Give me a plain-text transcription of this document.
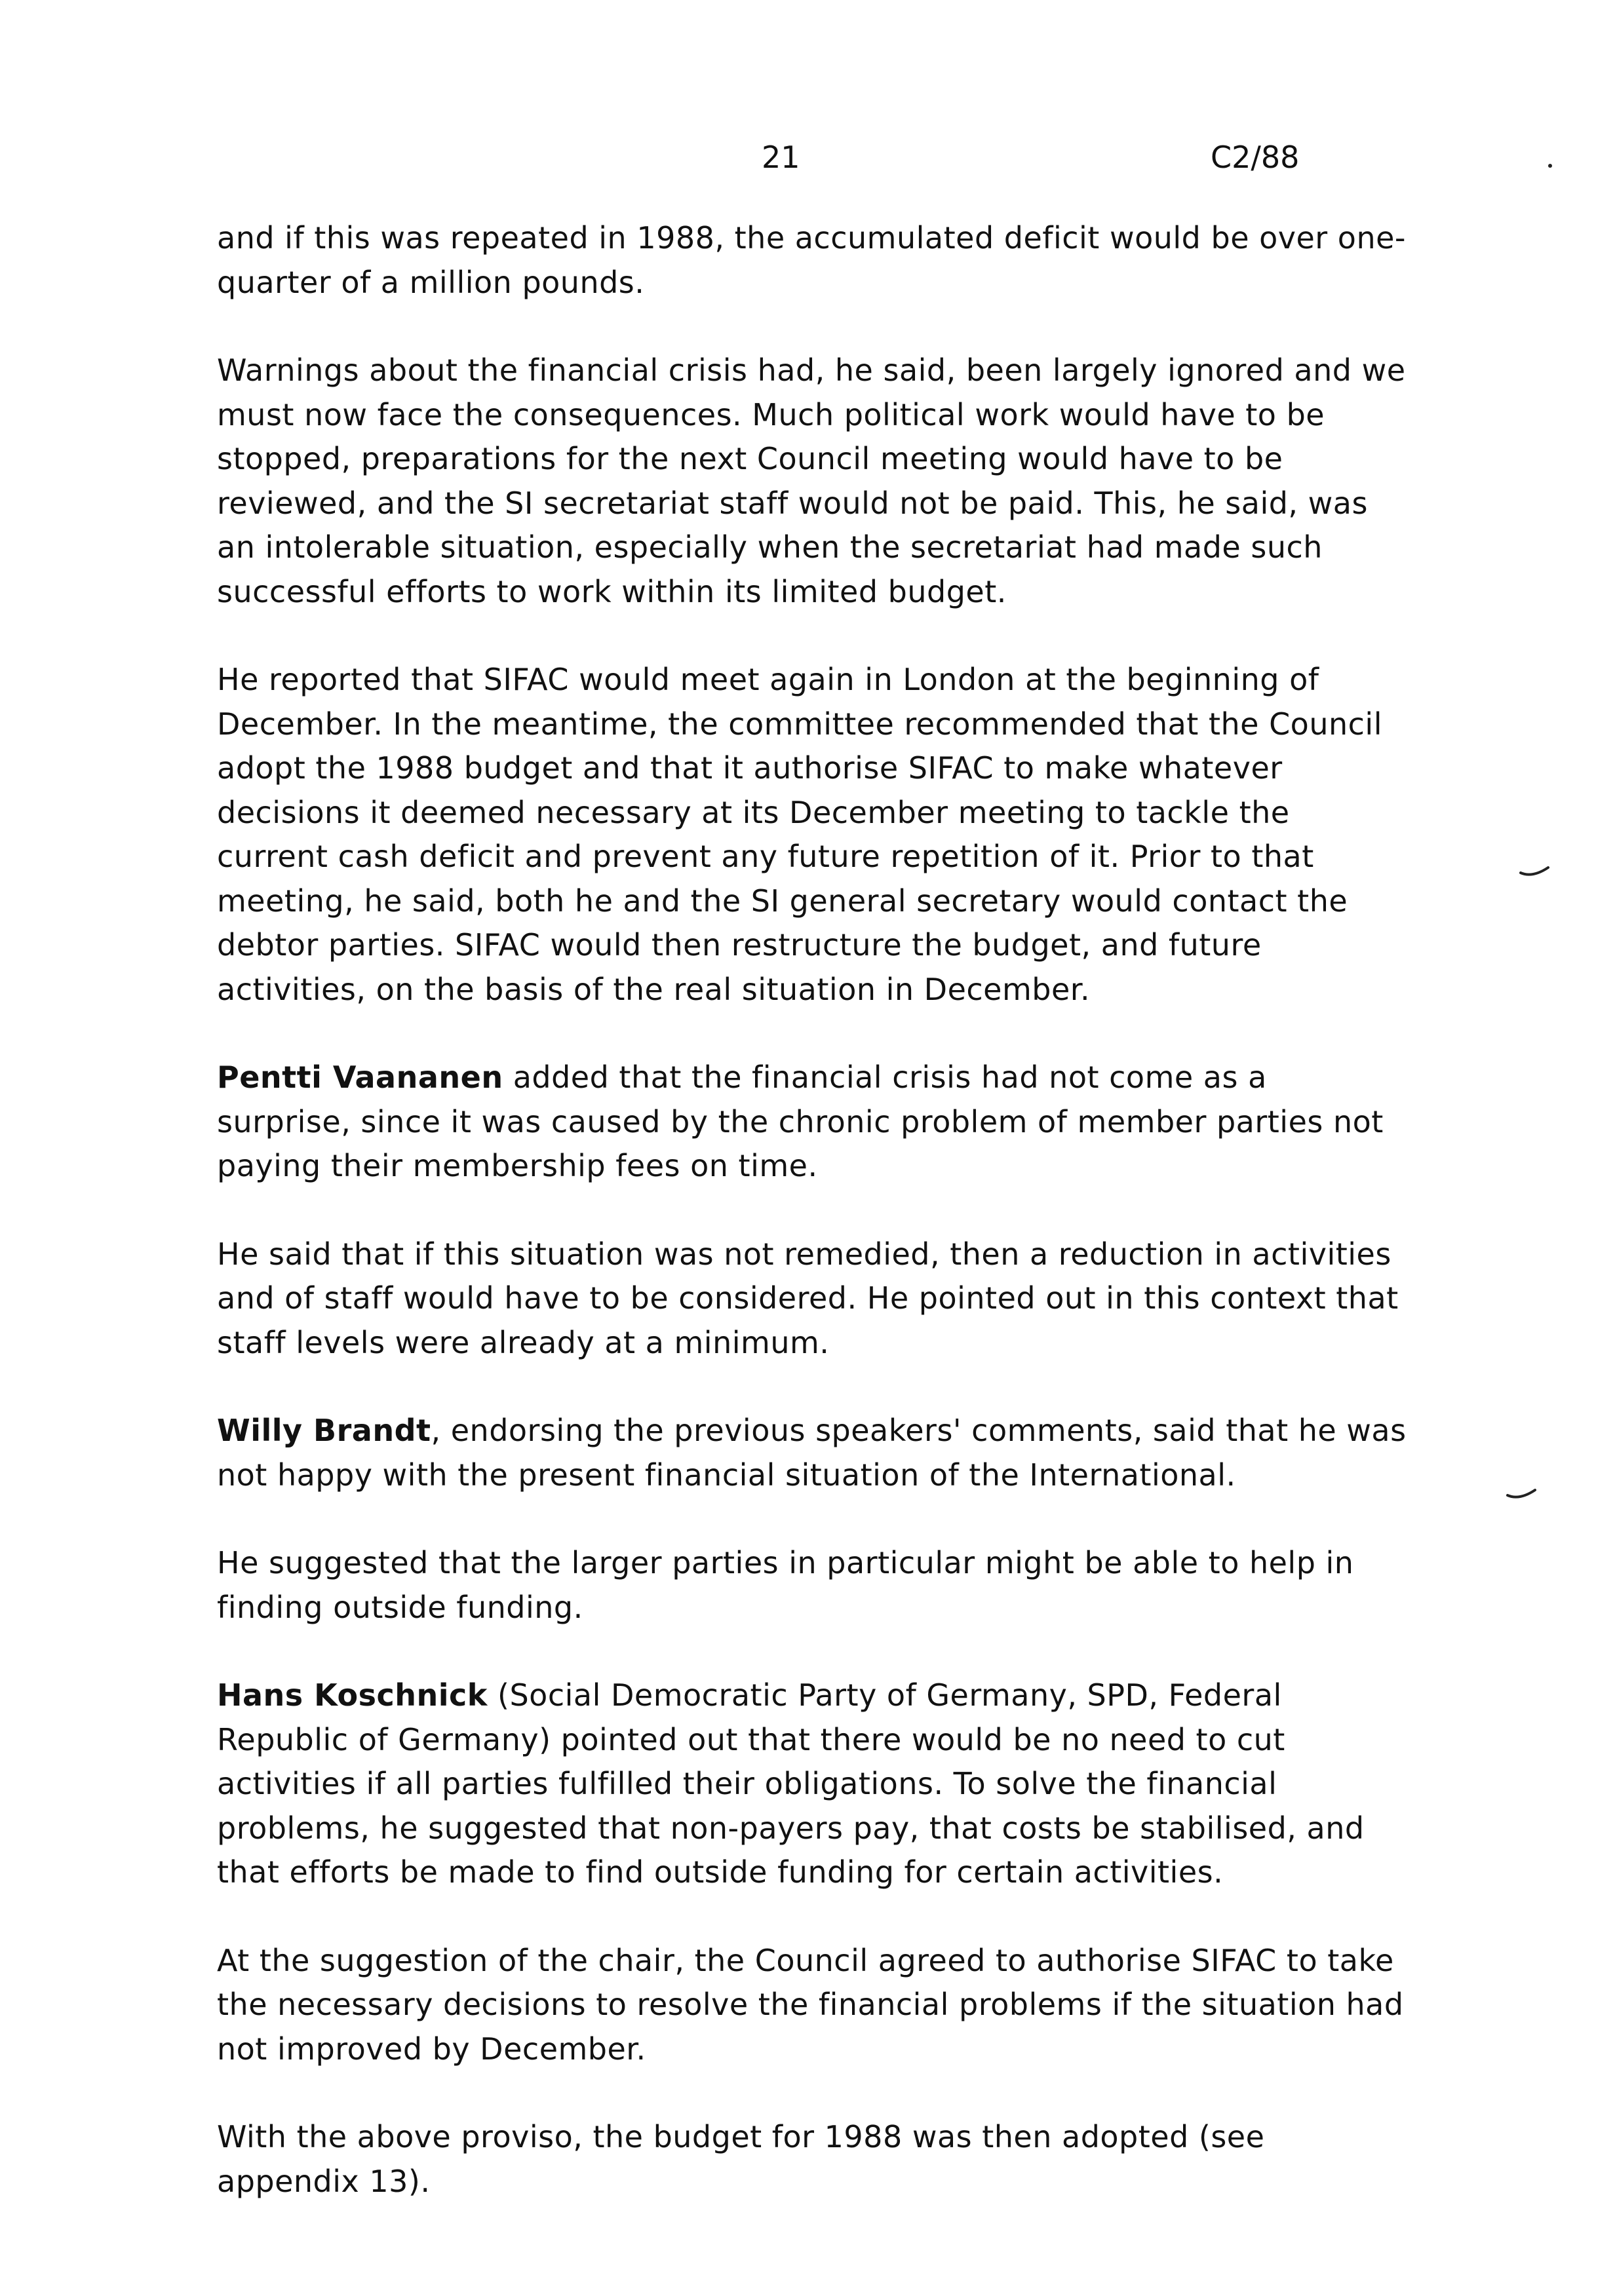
21	C2/88

and if this was repeated in 1988, the accumulated deficit would be over one-quarter of a million pounds.

Warnings about the financial crisis had, he said, been largely ignored and we must now face the consequences. Much political work would have to be stopped, preparations for the next Council meeting would have to be reviewed, and the SI secretariat staff would not be paid. This, he said, was an intolerable situation, especially when the secretariat had made such successful efforts to work within its limited budget.

He reported that SIFAC would meet again in London at the beginning of December. In the meantime, the committee recommended that the Council adopt the 1988 budget and that it authorise SIFAC to make whatever decisions it deemed necessary at its December meeting to tackle the current cash deficit and prevent any future repetition of it. Prior to that meeting, he said, both he and the SI general secretary would contact the debtor parties. SIFAC would then restructure the budget, and future activities, on the basis of the real situation in December.

Pentti Vaananen added that the financial crisis had not come as a surprise, since it was caused by the chronic problem of member parties not paying their membership fees on time.

He said that if this situation was not remedied, then a reduction in activities and of staff would have to be considered. He pointed out in this context that staff levels were already at a minimum.

Willy Brandt, endorsing the previous speakers' comments, said that he was not happy with the present financial situation of the International.

He suggested that the larger parties in particular might be able to help in finding outside funding.

Hans Koschnick (Social Democratic Party of Germany, SPD, Federal Republic of Germany) pointed out that there would be no need to cut activities if all parties fulfilled their obligations. To solve the financial problems, he suggested that non-payers pay, that costs be stabilised, and that efforts be made to find outside funding for certain activities.

At the suggestion of the chair, the Council agreed to authorise SIFAC to take the necessary decisions to resolve the financial problems if the situation had not improved by December.

With the above proviso, the budget for 1988 was then adopted (see appendix 13).
